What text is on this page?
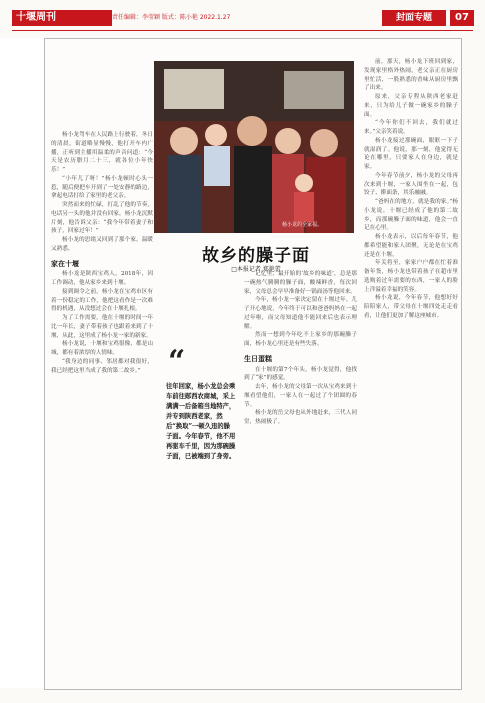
十堰周刊	责任编辑：李莹颖 版式：陈小艳 2022.1.27	封面专题	07
杨小龙的全家福。
故乡的臊子面
□本报记者 郑艳蕾

杨小龙驾车在人民路上行驶着，冬日的清晨，街道略显慢慢，他打开车内广播，正听到主播用温柔的声音问道：“今天是农历腊月二十三，就各位小年快乐！”

“小年儿了呀！”杨小龙顿时心头一惹，随后便把车开到了一处安静的路边，拿起电话打给了家里的老父亲。

突然而来的忙碌，打乱了他的节奏，电话另一头的他并没有回家，杨小龙沉默片刻，他告诉父亲：“我今年带着妻子和孩子，回家过年！”

杨小龙的思绪又回到了那个家，温暖又熟悉。

家在十堰

杨小龙是陕西宝鸡人，2018年，因工作调动，他从家乡来到十堰。

接到调令之前，杨小龙在宝鸡市区有着一份稳定的工作，他把这看作是一次难得的机遇，从没想过会在十堰扎根。

为了工作需要，他在十堰的时间一年比一年长，妻子带着孩子也跟着来到了十堰，从此，这里成了杨小龙一家的新家。

杨小龙说，十堰和宝鸡很像，都是山城，都有着浓厚的人情味。

“我身边的同事、邻居都对我很好，我已经把这里当成了我的第二故乡。” “
往年回家，杨小龙总会乘车前往郧西农商城，采上满满一后备箱当地特产，并专到陕西老家，然后“换取”一顿久违的臊子面。今年春节，他不用再驱车千里，因为那碗臊子面，已被端到了身旁。

记忆里，最开始的‘故乡的味道’，总是那一碗热气腾腾的臊子面，酸辣鲜香，每次回家，父母总会早早准备好一锅面汤等他回来。

今年，杨小龙一家决定留在十堰过年。儿子开心地说，今年终于可以和爸爸妈妈在一起过年啦，而父母知道他不能回来后也表示理解。

然而一想到今年吃不上家乡的那碗臊子面，杨小龙心里还是有些失落。

生日蛋糕

在十堰的第7个年头，杨小龙觉得，他找到了“家”的感觉。

去年，杨小龙的父母第一次从宝鸡来到十堰看望他们，一家人在一起过了个团圆的春节。

杨小龙的岳父母也从外地赶来，三代人同堂，热闹极了。

前，那天，杨小龙下班回到家，发现家里格外热闹，老父亲正在厨房里忙活，一股熟悉的香味从厨房里飘了出来。

原来，父亲专程从陕西老家赶来，只为给儿子做一碗家乡的臊子面。

“今年你们不回去，我们就过来。”父亲笑着说。

杨小龙接过那碗面，眼眶一下子就湿润了。他说，那一刻，他觉得无论在哪里，只要家人在身边，就是家。

今年春节前夕，杨小龙的父母再次来到十堰，一家人围坐在一起，包饺子、擀面条，其乐融融。

“爸妈在的地方，就是我的家。”杨小龙说，十堰已经成了他的第二故乡，而那碗臊子面的味道，他会一直记在心里。

杨小龙表示，以后每年春节，他都希望能和家人团聚，无论是在宝鸡还是在十堰。

年关将至，家家户户都在忙着准备年货，杨小龙也带着孩子在超市里选购着过年需要的东西，一家人的脸上洋溢着幸福的笑容。

杨小龙说，今年春节，他想好好陪陪家人，带父母在十堰四处走走看看，让他们更加了解这座城市。
